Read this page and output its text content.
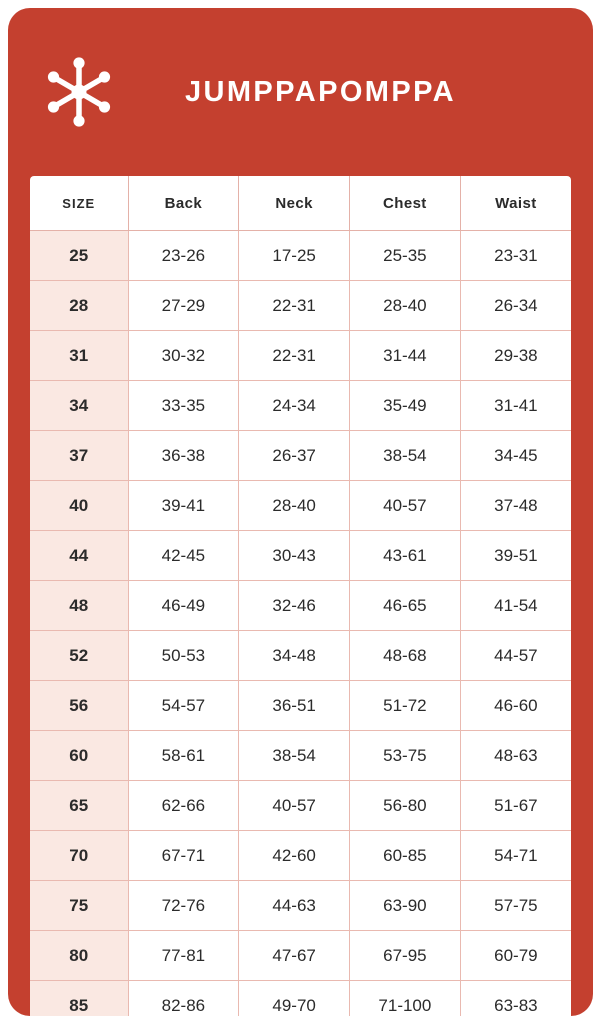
JUMPPAPOMPPA
SIZE	Back	Neck	Chest	Waist
25	23-26	17-25	25-35	23-31
28	27-29	22-31	28-40	26-34
31	30-32	22-31	31-44	29-38
34	33-35	24-34	35-49	31-41
37	36-38	26-37	38-54	34-45
40	39-41	28-40	40-57	37-48
44	42-45	30-43	43-61	39-51
48	46-49	32-46	46-65	41-54
52	50-53	34-48	48-68	44-57
56	54-57	36-51	51-72	46-60
60	58-61	38-54	53-75	48-63
65	62-66	40-57	56-80	51-67
70	67-71	42-60	60-85	54-71
75	72-76	44-63	63-90	57-75
80	77-81	47-67	67-95	60-79
85	82-86	49-70	71-100	63-83
